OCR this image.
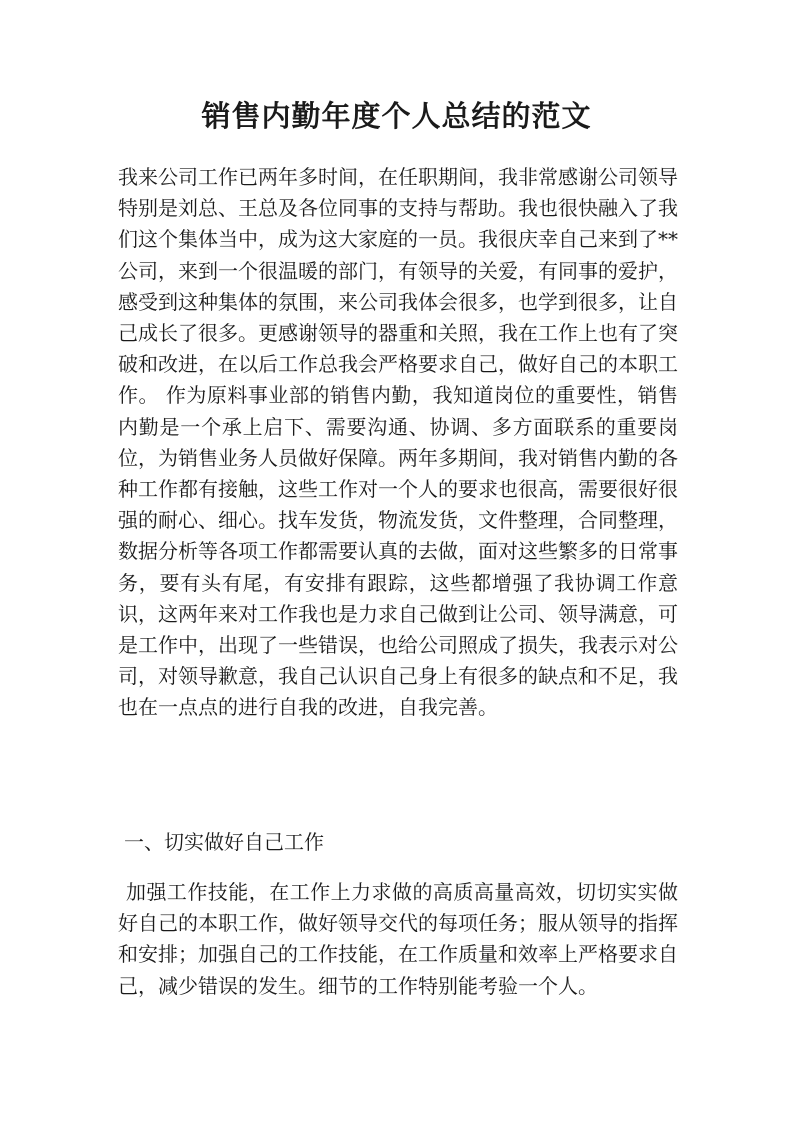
销售内勤年度个人总结的范文

我来公司工作已两年多时间，在任职期间，我非常感谢公司领导特别是刘总、王总及各位同事的支持与帮助。我也很快融入了我们这个集体当中，成为这大家庭的一员。我很庆幸自己来到了**公司，来到一个很温暖的部门，有领导的关爱，有同事的爱护，感受到这种集体的氛围，来公司我体会很多，也学到很多，让自己成长了很多。更感谢领导的器重和关照，我在工作上也有了突破和改进，在以后工作总我会严格要求自己，做好自己的本职工作。 作为原料事业部的销售内勤，我知道岗位的重要性，销售内勤是一个承上启下、需要沟通、协调、多方面联系的重要岗位，为销售业务人员做好保障。两年多期间，我对销售内勤的各种工作都有接触，这些工作对一个人的要求也很高，需要很好很强的耐心、细心。找车发货，物流发货，文件整理，合同整理，数据分析等各项工作都需要认真的去做，面对这些繁多的日常事务，要有头有尾，有安排有跟踪，这些都增强了我协调工作意识，这两年来对工作我也是力求自己做到让公司、领导满意，可是工作中，出现了一些错误，也给公司照成了损失，我表示对公司，对领导歉意，我自己认识自己身上有很多的缺点和不足，我也在一点点的进行自我的改进，自我完善。

一、切实做好自己工作

加强工作技能，在工作上力求做的高质高量高效，切切实实做好自己的本职工作，做好领导交代的每项任务；服从领导的指挥和安排；加强自己的工作技能，在工作质量和效率上严格要求自己，减少错误的发生。细节的工作特别能考验一个人。
